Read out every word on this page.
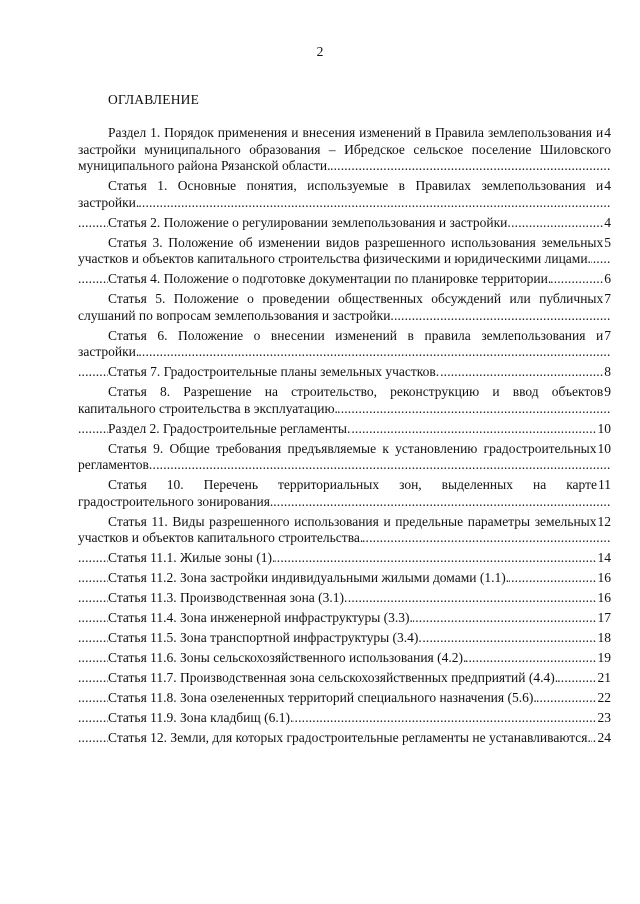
2
ОГЛАВЛЕНИЕ
4
Раздел 1. Порядок применения и внесения изменений в Правила землепользования и застройки муниципального образования – Ибредское сельское поселение Шиловского муниципального района Рязанской области.
. . .
4
Статья 1. Основные понятия, используемые в Правилах землепользования и застройки.
. . .
4
Статья 2. Положение о регулировании землепользования и застройки.
. . .
5
Статья 3. Положение об изменении видов разрешенного использования земельных участков и объектов капитального строительства физическими и юридическими лицами.
. . .
6
Статья 4. Положение о подготовке документации по планировке территории.
. . .
7
Статья 5. Положение о проведении общественных обсуждений или публичных слушаний по вопросам землепользования и застройки.
. . .
7
Статья 6. Положение о внесении изменений в правила землепользования и застройки.
. . .
8
Статья 7. Градостроительные планы земельных участков.
. . .
9
Статья 8. Разрешение на строительство, реконструкцию и ввод объектов капитального строительства в эксплуатацию.
. . .
10
Раздел 2. Градостроительные регламенты.
. . .
10
Статья 9. Общие требования предъявляемые к установлению градостроительных регламентов.
. . .
11
Статья 10. Перечень территориальных зон, выделенных на карте градостроительного зонирования.
. . .
12
Статья 11. Виды разрешенного использования и предельные параметры земельных участков и объектов капитального строительства.
. . .
14
Статья 11.1. Жилые зоны (1).
. . .
16
Статья 11.2. Зона застройки индивидуальными жилыми домами (1.1).
. . .
16
Статья 11.3. Производственная зона (3.1).
. . .
17
Статья 11.4. Зона инженерной инфраструктуры (3.3).
. . .
18
Статья 11.5. Зона транспортной инфраструктуры (3.4).
. . .
19
Статья 11.6. Зоны сельскохозяйственного использования (4.2).
. . .
21
Статья 11.7. Производственная зона сельскохозяйственных предприятий (4.4).
. . .
22
Статья 11.8. Зона озелененных территорий специального назначения (5.6).
. . .
23
Статья 11.9. Зона кладбищ (6.1).
. . .
24
Статья 12. Земли, для которых градостроительные регламенты не устанавливаются.
. . .
